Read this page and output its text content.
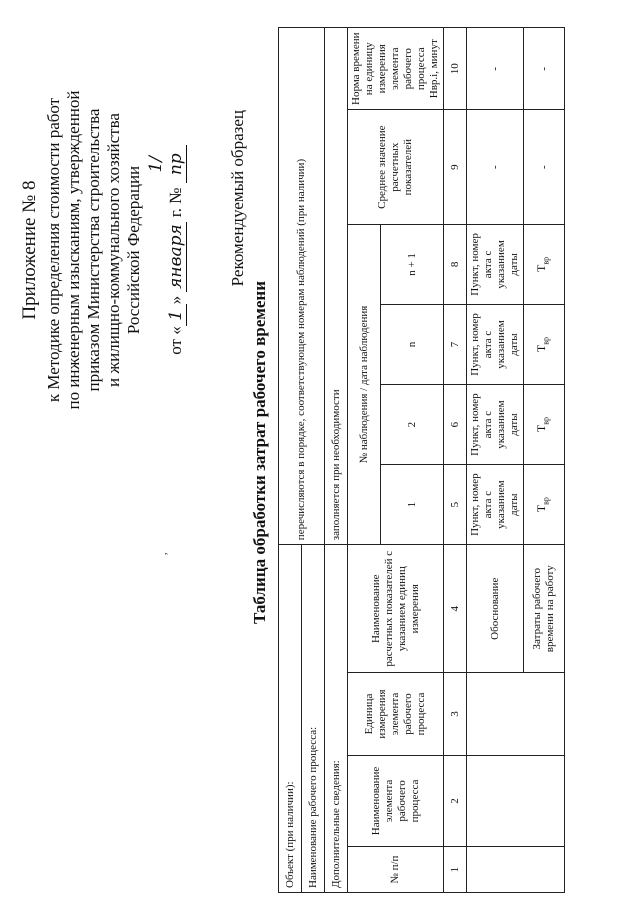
,
Приложение № 8 к Методике определения стоимости работ по инженерным изысканиям, утвержденной приказом Министерства строительства и жилищно-коммунального хозяйства Российской Федерации
от «1» января г. № 1/пр Рекомендуемый образец
Таблица обработки затрат рабочего времени
Объект (при наличии):				перечисляются в порядке, соответствующем номерам наблюдений (при наличии)					
Наименование рабочего процесса:									
Дополнительные сведения:				заполняется при необходимости					
№ п/п	Наименование элемента рабочего процесса	Единица измерения элемента рабочего процесса	Наименование расчетных показателей с указанием единиц измерения	№ наблюдения / дата наблюдения				Среднее значение расчетных показателей	Норма времени на единицу измерения элемента рабочего процесса
Hвр.i, минут
				1	2	n	n + 1		
1	2	3	4	5	6	7	8	9	10
			Обоснование	Пункт, номер акта с указанием даты	Пункт, номер акта с указанием даты	Пункт, номер акта с указанием даты	Пункт, номер акта с указанием даты	-	-
			Затраты рабочего времени на работу	$Т_{вр}$	$Т_{вр}$	$Т_{вр}$	$Т_{вр}$	-	-
